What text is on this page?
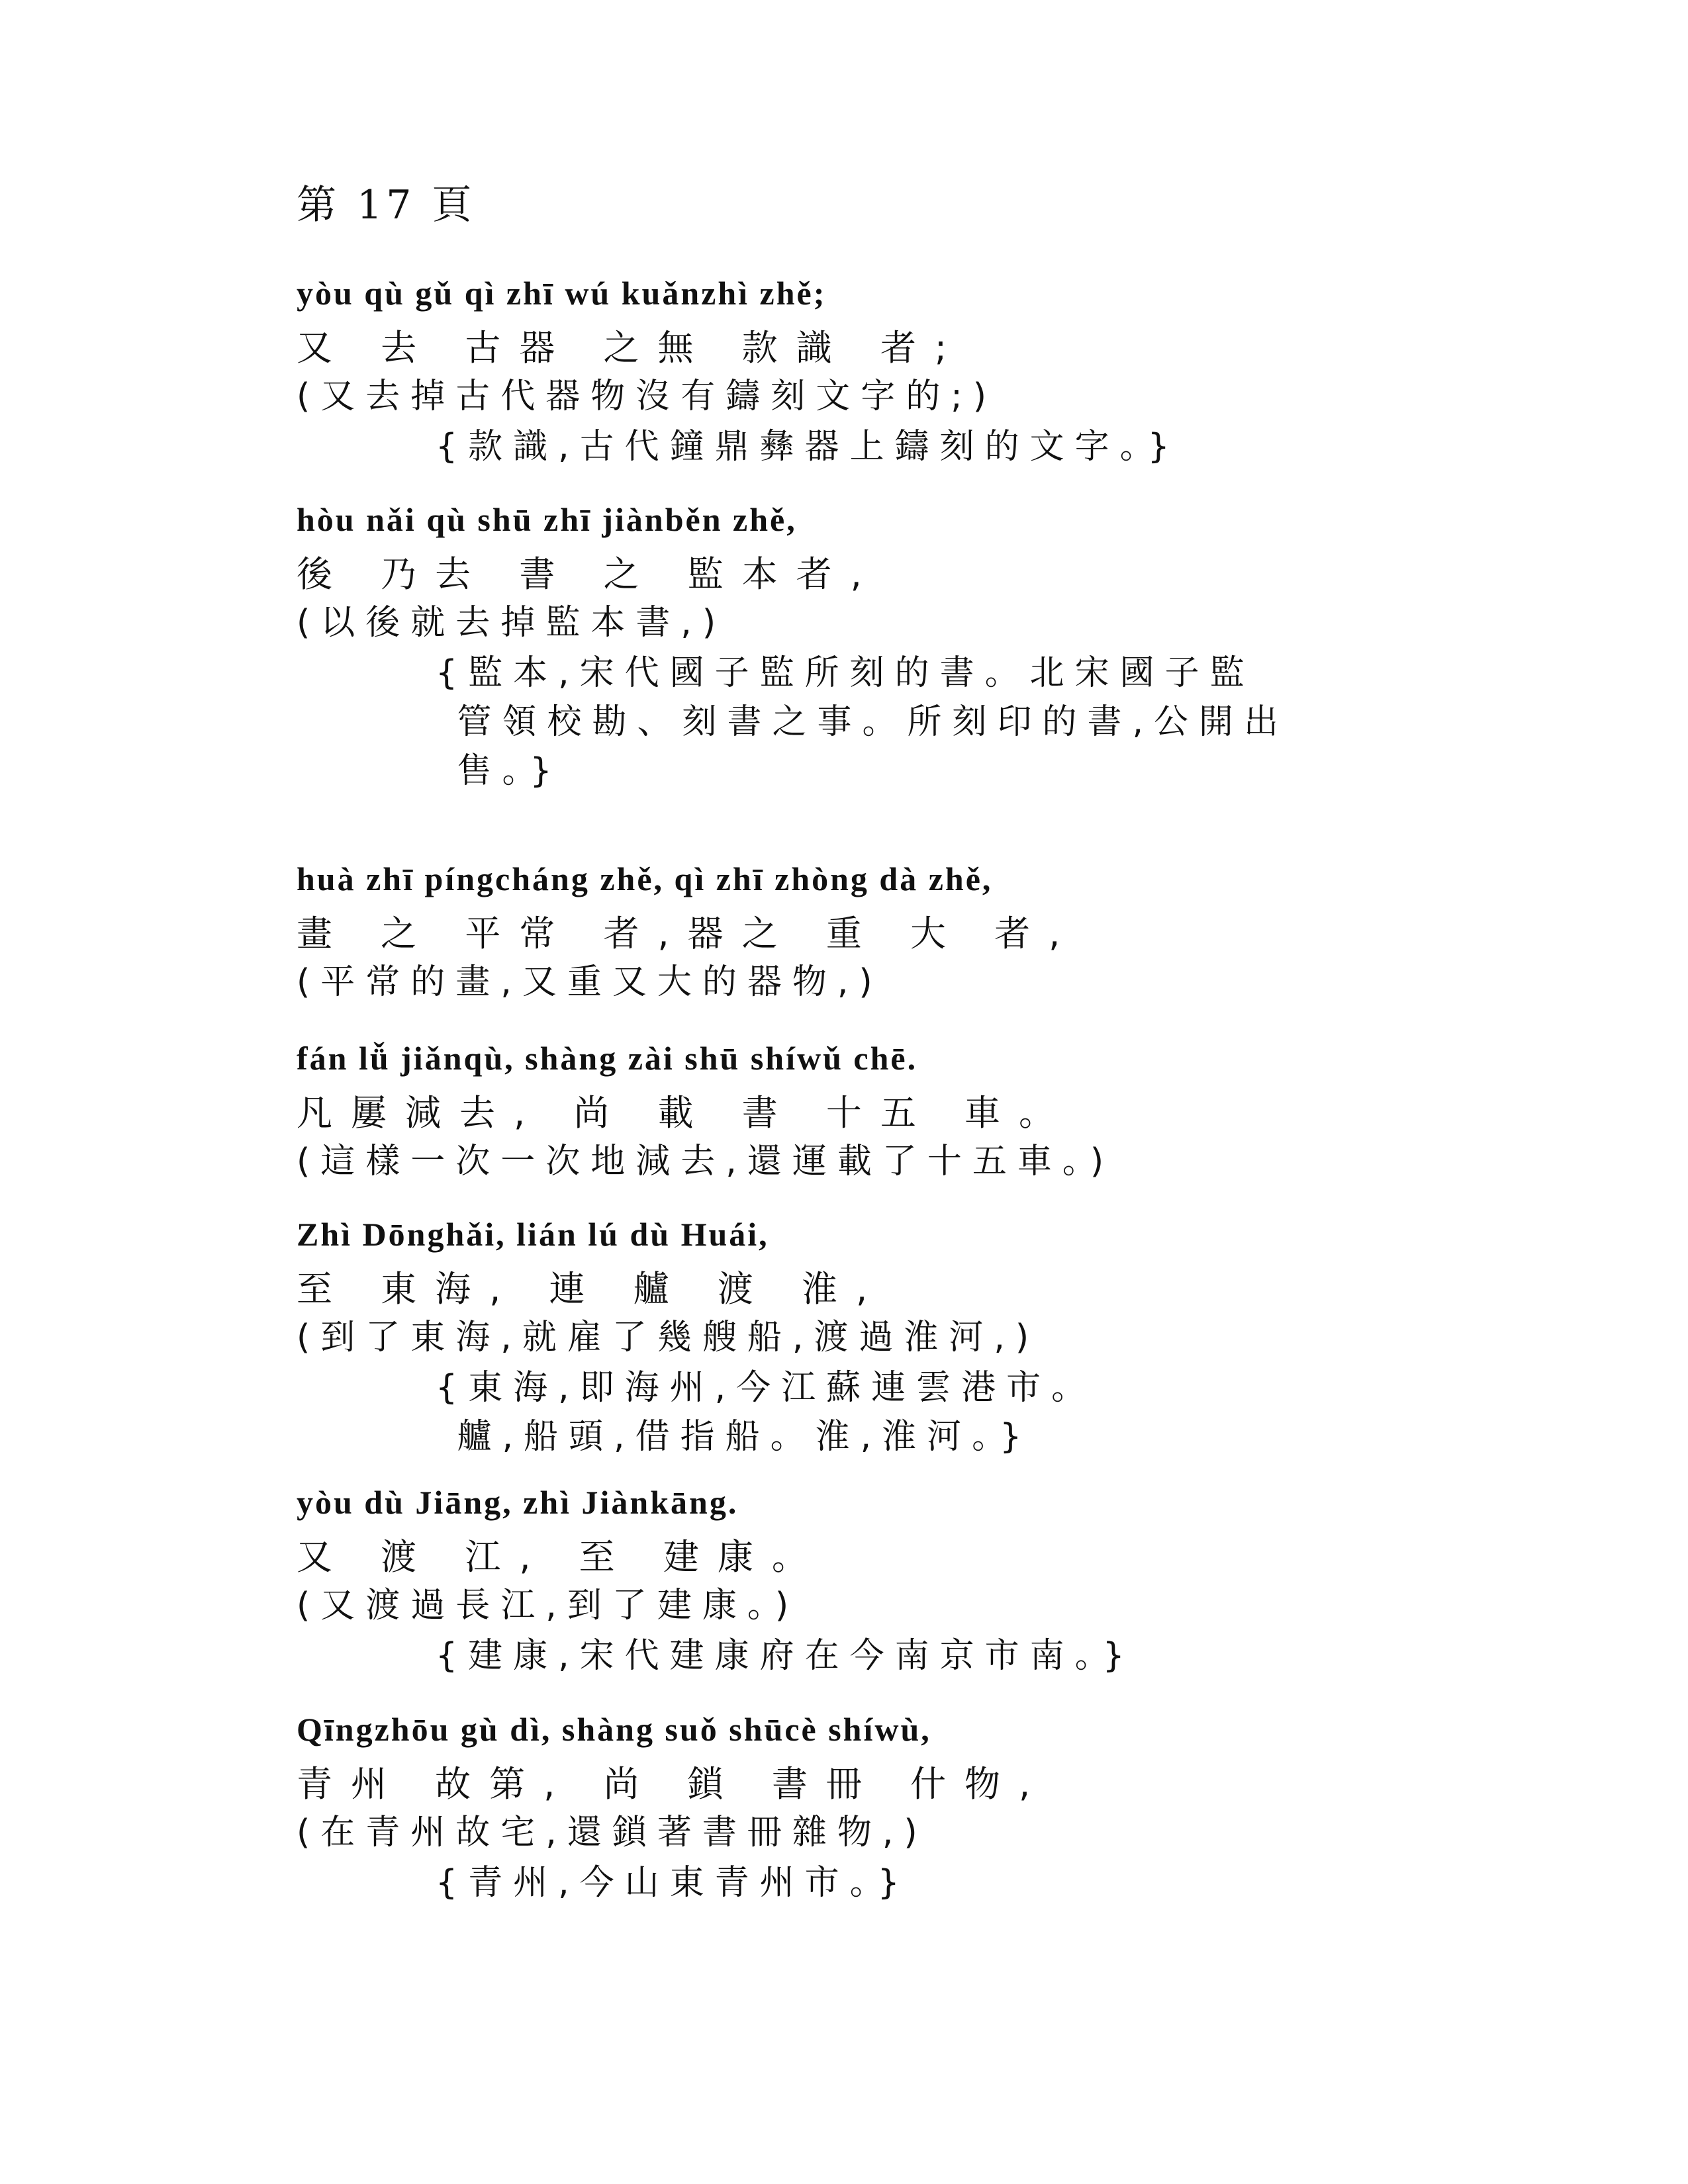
第 17 頁
yòu qù gǔ qì zhī wú kuǎnzhì zhě;
又 去 古器 之無 款識 者;
(又去掉古代器物沒有鑄刻文字的;)
{款識,古代鐘鼎彝器上鑄刻的文字。}
hòu nǎi qù shū zhī jiànběn zhě,
後 乃去 書 之 監本者,
(以後就去掉監本書,)
{監本,宋代國子監所刻的書。北宋國子監
管領校勘、刻書之事。所刻印的書,公開出
售。}
huà zhī píngcháng zhě, qì zhī zhòng dà zhě,
畫 之 平常 者,器之 重 大 者,
(平常的畫,又重又大的器物,)
fán lǚ jiǎnqù, shàng zài shū shíwǔ chē.
凡屢減去, 尚 載 書 十五 車。
(這樣一次一次地減去,還運載了十五車。)
Zhì Dōnghǎi, lián lú dù Huái,
至 東海, 連 艫 渡 淮,
(到了東海,就雇了幾艘船,渡過淮河,)
{東海,即海州,今江蘇連雲港市。
艫,船頭,借指船。淮,淮河。}
yòu dù Jiāng, zhì Jiànkāng.
又 渡 江, 至 建康。
(又渡過長江,到了建康。)
{建康,宋代建康府在今南京市南。}
Qīngzhōu gù dì, shàng suǒ shūcè shíwù,
青州 故第, 尚 鎖 書冊 什物,
(在青州故宅,還鎖著書冊雜物,)
{青州,今山東青州市。}
